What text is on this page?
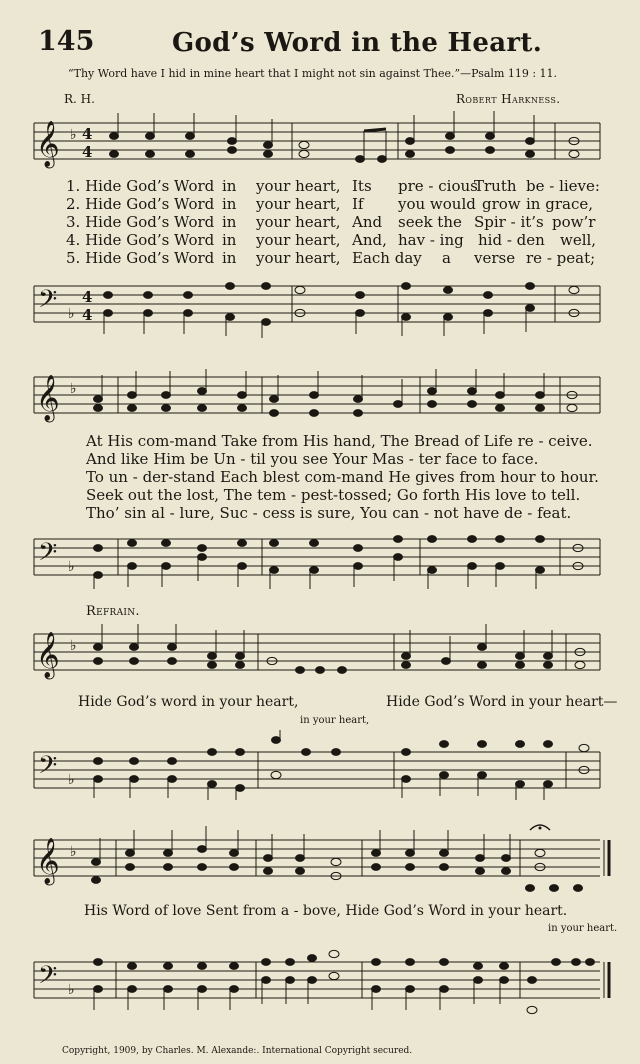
145	God’s Word in the Heart.
“Thy Word have I hid in mine heart that I might not sin against Thee.”—Psalm 119 : 11.
R. H.	Robert Harkness.
𝄞 ♭ 4
4
1. Hide God’s Word in your heart, Its pre - cious
Truth be - lieve:
2. Hide God’s Word in your heart, If you would grow in grace,
3. Hide God’s Word in your heart, And seek the Spir - it’s pow’r
4. Hide God’s Word in your heart, And, hav - ing hid - den well,
5. Hide God’s Word in your heart, Each day a verse re - peat;
𝄢 ♭
4
4
𝄞 ♭
At His com-mand Take from His hand, The Bread of Life re - ceive.
And like Him be Un - til you see Your Mas - ter face to face.
To un - der-stand Each blest com-mand He gives from hour to hour.
Seek out the lost, The tem - pest-tossed; Go forth His love to tell.
Tho’ sin al - lure, Suc - cess is sure, You can - not have de - feat.
𝄢 ♭
Refrain.
𝄞 ♭
Hide God’s word in your heart,	Hide God’s Word in your heart—
in your heart,
𝄢 ♭
𝄞 ♭
His Word of love Sent from a - bove, Hide God’s Word in your heart.
in your heart.
𝄢 ♭
Copyright, 1909, by Charles. M. Alexande:. International Copyright secured.
